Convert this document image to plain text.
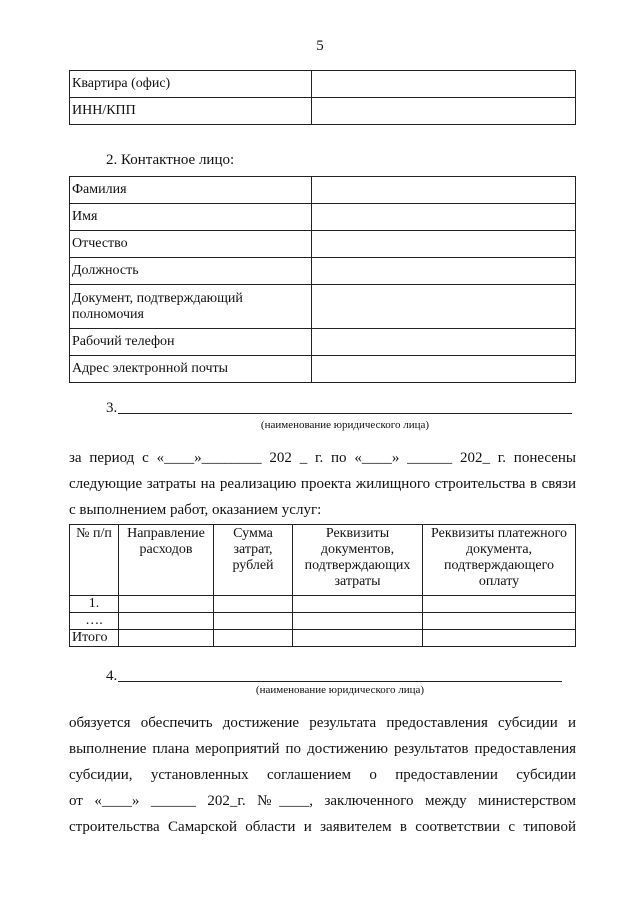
5
Квартира (офис)	
ИНН/КПП	
2. Контактное лицо:
Фамилия	
Имя	
Отчество	
Должность	
Документ, подтверждающий полномочия	
Рабочий телефон	
Адрес электронной почты	
3.
(наименование юридического лица)
за период с «____»________ 202 _ г. по «____» ______ 202_ г. понесены
следующие затраты на реализацию проекта жилищного строительства в связи
с выполнением работ, оказанием услуг:
№ п/п	Направление расходов	Сумма затрат, рублей	Реквизиты документов, подтверждающих затраты	Реквизиты платежного документа, подтверждающего оплату
1.				
….				
Итого				
4.
(наименование юридического лица)
обязуется обеспечить достижение результата предоставления субсидии и
выполнение плана мероприятий по достижению результатов предоставления
субсидии, установленных соглашением о предоставлении субсидии
от «____» ______ 202_г. №____, заключенного между министерством
строительства Самарской области и заявителем в соответствии с типовой
